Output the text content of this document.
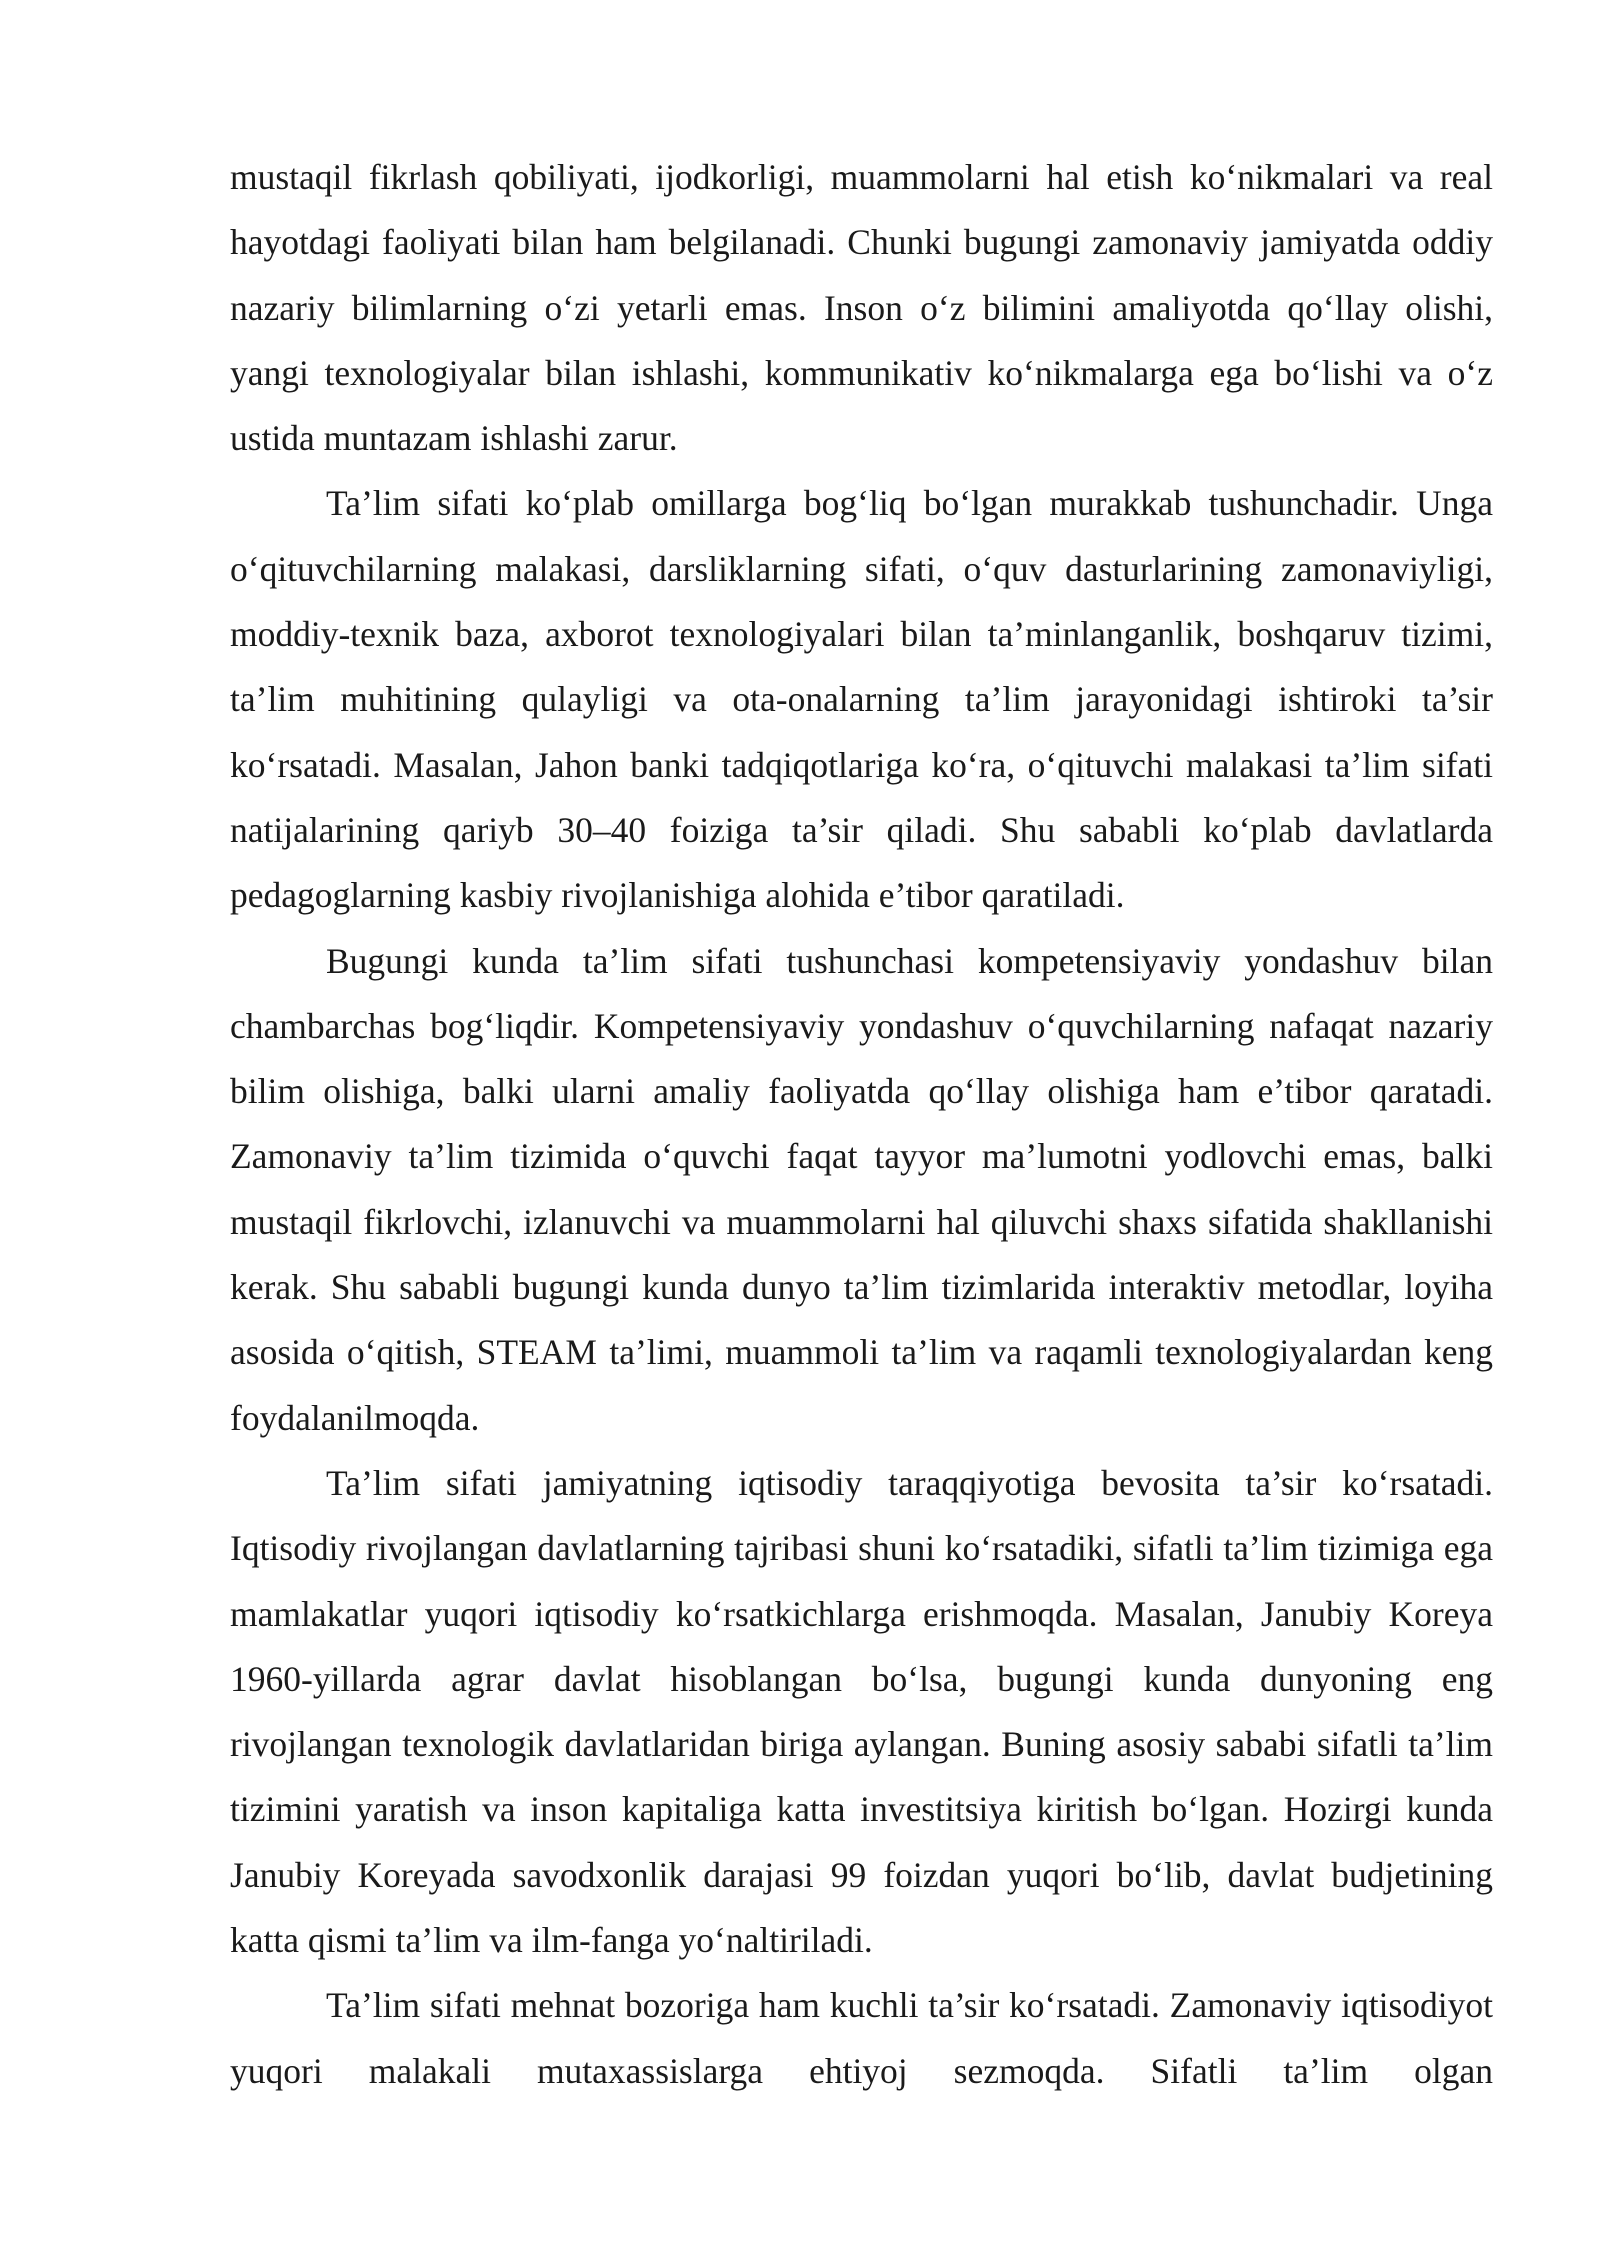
mustaqil fikrlash qobiliyati, ijodkorligi, muammolarni hal etish ko‘nikmalari va real hayotdagi faoliyati bilan ham belgilanadi. Chunki bugungi zamonaviy jamiyatda oddiy nazariy bilimlarning o‘zi yetarli emas. Inson o‘z bilimini amaliyotda qo‘llay olishi, yangi texnologiyalar bilan ishlashi, kommunikativ ko‘nikmalarga ega bo‘lishi va o‘z ustida muntazam ishlashi zarur.

Ta’lim sifati ko‘plab omillarga bog‘liq bo‘lgan murakkab tushunchadir. Unga o‘qituvchilarning malakasi, darsliklarning sifati, o‘quv dasturlarining zamonaviyligi, moddiy-texnik baza, axborot texnologiyalari bilan ta’minlanganlik, boshqaruv tizimi, ta’lim muhitining qulayligi va ota-onalarning ta’lim jarayonidagi ishtiroki ta’sir ko‘rsatadi. Masalan, Jahon banki tadqiqotlariga ko‘ra, o‘qituvchi malakasi ta’lim sifati natijalarining qariyb 30–40 foiziga ta’sir qiladi. Shu sababli ko‘plab davlatlarda pedagoglarning kasbiy rivojlanishiga alohida e’tibor qaratiladi.

Bugungi kunda ta’lim sifati tushunchasi kompetensiyaviy yondashuv bilan chambarchas bog‘liqdir. Kompetensiyaviy yondashuv o‘quvchilarning nafaqat nazariy bilim olishiga, balki ularni amaliy faoliyatda qo‘llay olishiga ham e’tibor qaratadi. Zamonaviy ta’lim tizimida o‘quvchi faqat tayyor ma’lumotni yodlovchi emas, balki mustaqil fikrlovchi, izlanuvchi va muammolarni hal qiluvchi shaxs sifatida shakllanishi kerak. Shu sababli bugungi kunda dunyo ta’lim tizimlarida interaktiv metodlar, loyiha asosida o‘qitish, STEAM ta’limi, muammoli ta’lim va raqamli texnologiyalardan keng foydalanilmoqda.

Ta’lim sifati jamiyatning iqtisodiy taraqqiyotiga bevosita ta’sir ko‘rsatadi. Iqtisodiy rivojlangan davlatlarning tajribasi shuni ko‘rsatadiki, sifatli ta’lim tizimiga ega mamlakatlar yuqori iqtisodiy ko‘rsatkichlarga erishmoqda. Masalan, Janubiy Koreya 1960-yillarda agrar davlat hisoblangan bo‘lsa, bugungi kunda dunyoning eng rivojlangan texnologik davlatlaridan biriga aylangan. Buning asosiy sababi sifatli ta’lim tizimini yaratish va inson kapitaliga katta investitsiya kiritish bo‘lgan. Hozirgi kunda Janubiy Koreyada savodxonlik darajasi 99 foizdan yuqori bo‘lib, davlat budjetining katta qismi ta’lim va ilm-fanga yo‘naltiriladi.

Ta’lim sifati mehnat bozoriga ham kuchli ta’sir ko‘rsatadi. Zamonaviy iqtisodiyot yuqori malakali mutaxassislarga ehtiyoj sezmoqda. Sifatli ta’lim olgan
